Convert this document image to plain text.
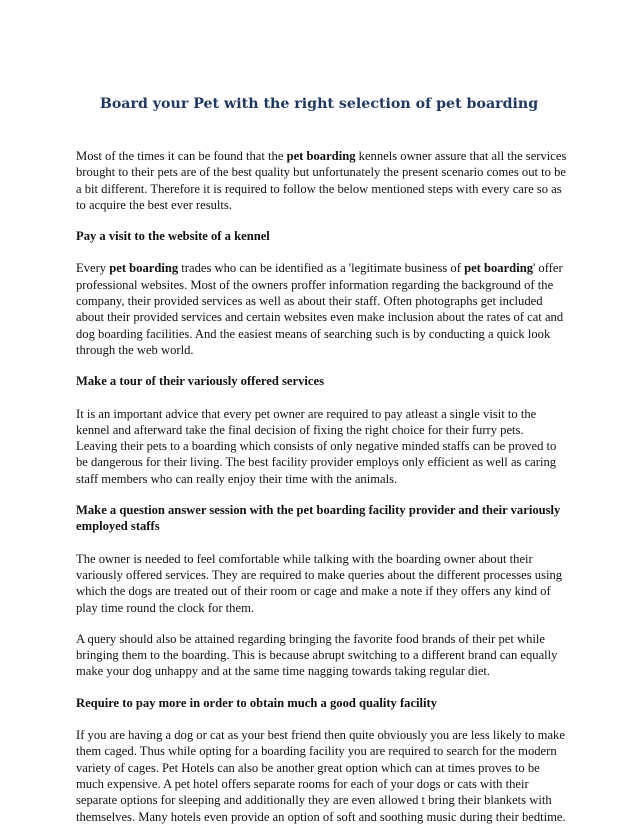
Board your Pet with the right selection of pet boarding

Most of the times it can be found that the pet boarding kennels owner assure that all the services brought to their pets are of the best quality but unfortunately the present scenario comes out to be a bit different. Therefore it is required to follow the below mentioned steps with every care so as to acquire the best ever results.

Pay a visit to the website of a kennel

Every pet boarding trades who can be identified as a 'legitimate business of pet boarding' offer professional websites. Most of the owners proffer information regarding the background of the company, their provided services as well as about their staff. Often photographs get included about their provided services and certain websites even make inclusion about the rates of cat and dog boarding facilities. And the easiest means of searching such is by conducting a quick look through the web world.

Make a tour of their variously offered services

It is an important advice that every pet owner are required to pay atleast a single visit to the kennel and afterward take the final decision of fixing the right choice for their furry pets. Leaving their pets to a boarding which consists of only negative minded staffs can be proved to be dangerous for their living. The best facility provider employs only efficient as well as caring staff members who can really enjoy their time with the animals.

Make a question answer session with the pet boarding facility provider and their variously employed staffs

The owner is needed to feel comfortable while talking with the boarding owner about their variously offered services. They are required to make queries about the different processes using which the dogs are treated out of their room or cage and make a note if they offers any kind of play time round the clock for them.

A query should also be attained regarding bringing the favorite food brands of their pet while bringing them to the boarding. This is because abrupt switching to a different brand can equally make your dog unhappy and at the same time nagging towards taking regular diet.

Require to pay more in order to obtain much a good quality facility

If you are having a dog or cat as your best friend then quite obviously you are less likely to make them caged. Thus while opting for a boarding facility you are required to search for the modern variety of cages. Pet Hotels can also be another great option which can at times proves to be much expensive. A pet hotel offers separate rooms for each of your dogs or cats with their separate options for sleeping and additionally they are even allowed t bring their blankets with themselves. Many hotels even provide an option of soft and soothing music during their bedtime.
